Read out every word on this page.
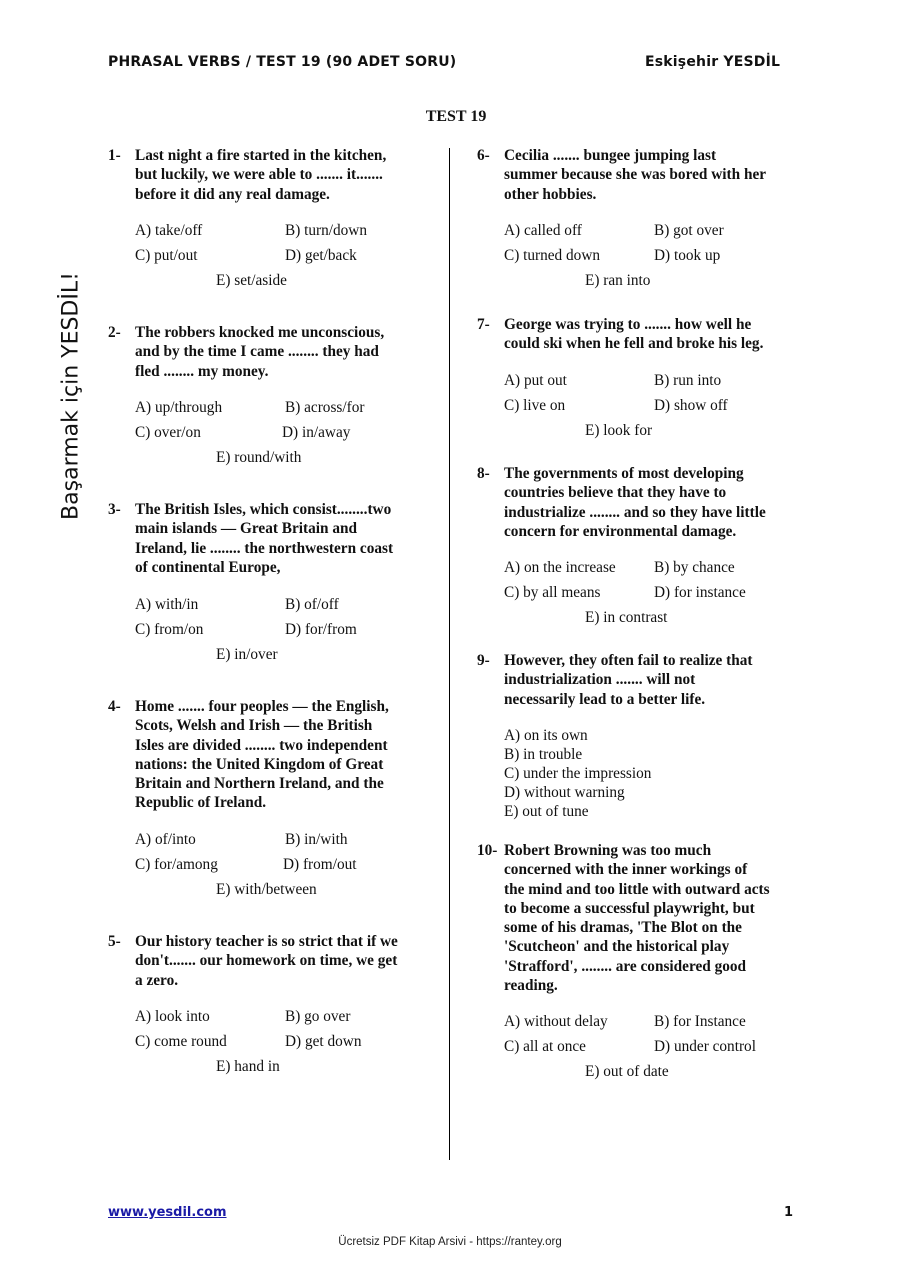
PHRASAL VERBS / TEST 19 (90 ADET SORU)	Eskişehir YESDİL
TEST 19
Başarmak için YESDİL!
1- Last night a fire started in the kitchen,
but luckily, we were able to ....... it.......
before it did any real damage.
A) take/off	B) turn/down
C) put/out	D) get/back
E) set/aside
2- The robbers knocked me unconscious,
and by the time I came ........ they had
fled ........ my money.
A) up/through	B) across/for
C) over/on	D) in/away
E) round/with
3- The British Isles, which consist........two
main islands — Great Britain and
Ireland, lie ........ the northwestern coast
of continental Europe,
A) with/in	B) of/off
C) from/on	D) for/from
E) in/over
4- Home ....... four peoples — the English,
Scots, Welsh and Irish — the British
Isles are divided ........ two independent
nations: the United Kingdom of Great
Britain and Northern Ireland, and the
Republic of Ireland.
A) of/into	B) in/with
C) for/among	D) from/out
E) with/between
5- Our history teacher is so strict that if we
don't....... our homework on time, we get
a zero.
A) look into	B) go over
C) come round	D) get down
E) hand in
6- Cecilia ....... bungee jumping last
summer because she was bored with her
other hobbies.
A) called off	B) got over
C) turned down	D) took up
E) ran into
7- George was trying to ....... how well he
could ski when he fell and broke his leg.
A) put out	B) run into
C) live on	D) show off
E) look for
8- The governments of most developing
countries believe that they have to
industrialize ........ and so they have little
concern for environmental damage.
A) on the increase	B) by chance
C) by all means	D) for instance
E) in contrast
9- However, they often fail to realize that
industrialization ....... will not
necessarily lead to a better life.
A) on its own
B) in trouble
C) under the impression
D) without warning
E) out of tune
10- Robert Browning was too much
concerned with the inner workings of
the mind and too little with outward acts
to become a successful playwright, but
some of his dramas, 'The Blot on the
'Scutcheon' and the historical play
'Strafford', ........ are considered good
reading.
A) without delay	B) for Instance
C) all at once	D) under control
E) out of date
www.yesdil.com	1
Ücretsiz PDF Kitap Arsivi - https://rantey.org
